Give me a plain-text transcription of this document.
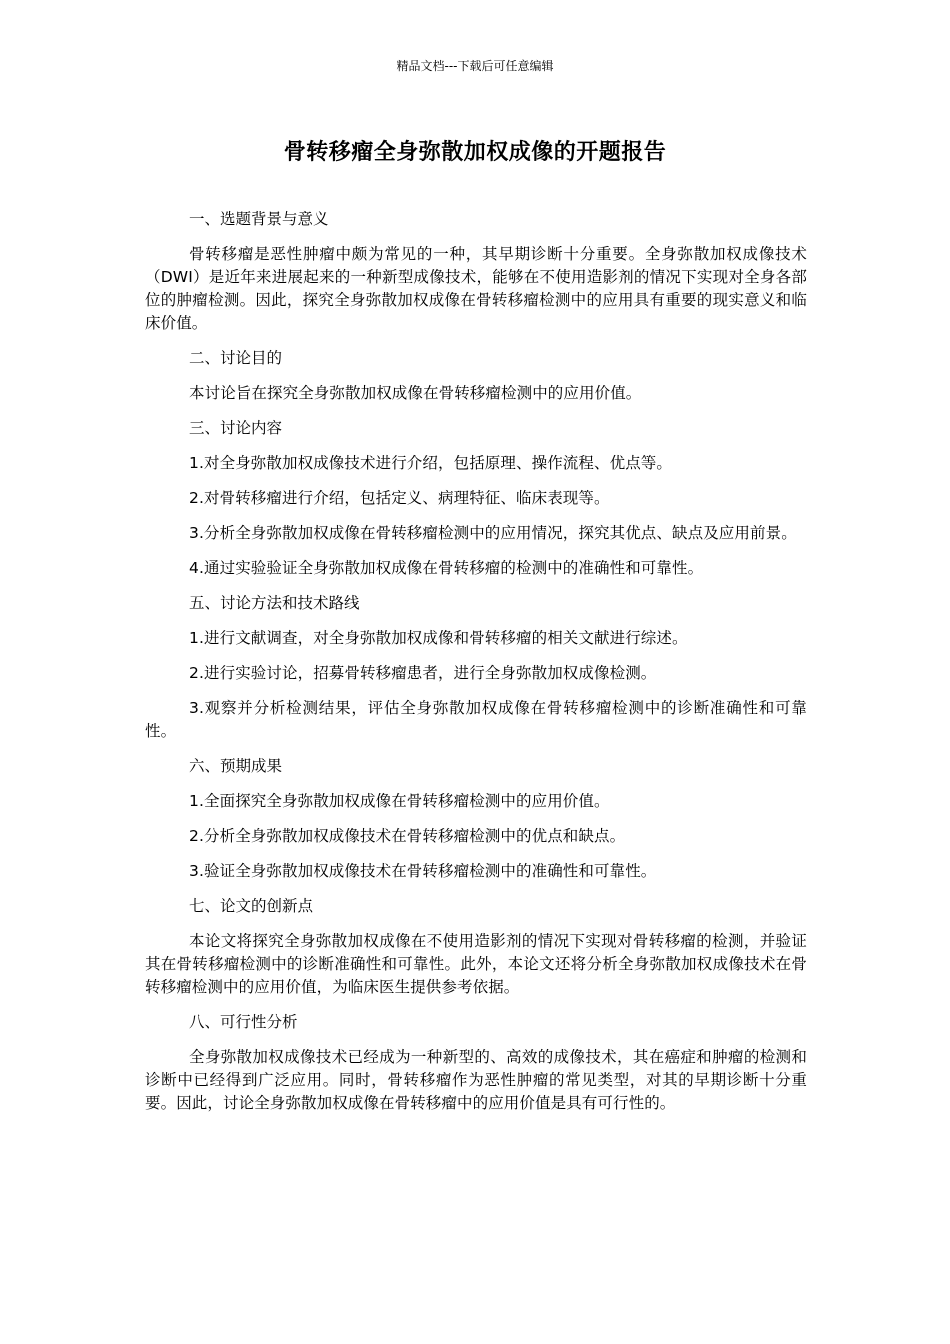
精品文档---下载后可任意编辑
骨转移瘤全身弥散加权成像的开题报告
一、选题背景与意义
骨转移瘤是恶性肿瘤中颇为常见的一种，其早期诊断十分重要。全身弥散加权成像技术（DWI）是近年来进展起来的一种新型成像技术，能够在不使用造影剂的情况下实现对全身各部位的肿瘤检测。因此，探究全身弥散加权成像在骨转移瘤检测中的应用具有重要的现实意义和临床价值。
二、讨论目的
本讨论旨在探究全身弥散加权成像在骨转移瘤检测中的应用价值。
三、讨论内容
1.对全身弥散加权成像技术进行介绍，包括原理、操作流程、优点等。
2.对骨转移瘤进行介绍，包括定义、病理特征、临床表现等。
3.分析全身弥散加权成像在骨转移瘤检测中的应用情况，探究其优点、缺点及应用前景。
4.通过实验验证全身弥散加权成像在骨转移瘤的检测中的准确性和可靠性。
五、讨论方法和技术路线
1.进行文献调查，对全身弥散加权成像和骨转移瘤的相关文献进行综述。
2.进行实验讨论，招募骨转移瘤患者，进行全身弥散加权成像检测。
3.观察并分析检测结果，评估全身弥散加权成像在骨转移瘤检测中的诊断准确性和可靠性。
六、预期成果
1.全面探究全身弥散加权成像在骨转移瘤检测中的应用价值。
2.分析全身弥散加权成像技术在骨转移瘤检测中的优点和缺点。
3.验证全身弥散加权成像技术在骨转移瘤检测中的准确性和可靠性。
七、论文的创新点
本论文将探究全身弥散加权成像在不使用造影剂的情况下实现对骨转移瘤的检测，并验证其在骨转移瘤检测中的诊断准确性和可靠性。此外，本论文还将分析全身弥散加权成像技术在骨转移瘤检测中的应用价值，为临床医生提供参考依据。
八、可行性分析
全身弥散加权成像技术已经成为一种新型的、高效的成像技术，其在癌症和肿瘤的检测和诊断中已经得到广泛应用。同时，骨转移瘤作为恶性肿瘤的常见类型，对其的早期诊断十分重要。因此，讨论全身弥散加权成像在骨转移瘤中的应用价值是具有可行性的。
